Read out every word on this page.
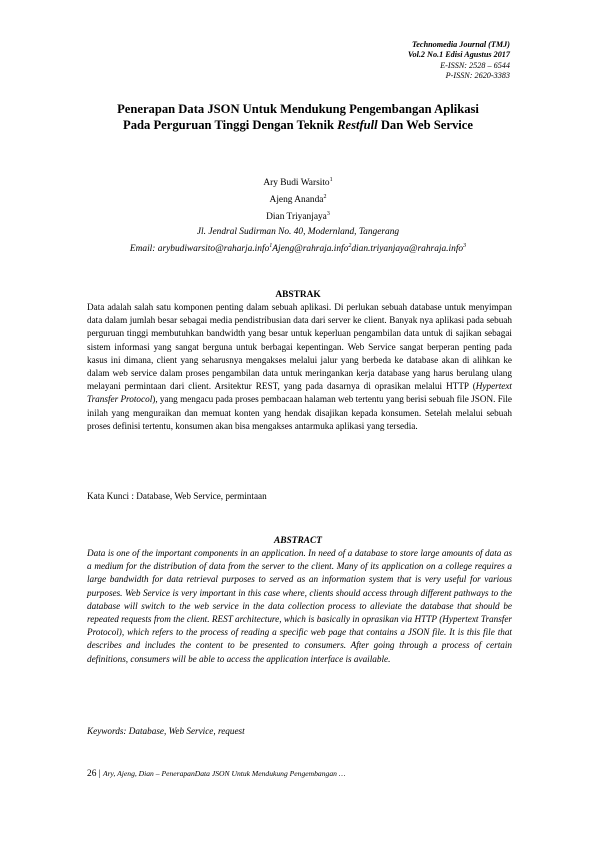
Technomedia Journal (TMJ)
Vol.2 No.1 Edisi Agustus 2017
E-ISSN: 2528 – 6544
P-ISSN: 2620-3383
Penerapan Data JSON Untuk Mendukung Pengembangan Aplikasi
Pada Perguruan Tinggi Dengan Teknik Restfull Dan Web Service
Ary Budi Warsito$^1$
Ajeng Ananda$^2$
Dian Triyanjaya$^3$
Jl. Jendral Sudirman No. 40, Modernland, Tangerang
Email: arybudiwarsito@raharja.info$^1$Ajeng@rahraja.info$^2$dian.triyanjaya@rahraja.info$^3$
ABSTRAK

Data adalah salah satu komponen penting dalam sebuah aplikasi. Di perlukan sebuah database untuk menyimpan data dalam jumlah besar sebagai media pendistribusian data dari server ke client. Banyak nya aplikasi pada sebuah perguruan tinggi membutuhkan bandwidth yang besar untuk keperluan pengambilan data untuk di sajikan sebagai sistem informasi yang sangat berguna untuk berbagai kepentingan. Web Service sangat berperan penting pada kasus ini dimana, client yang seharusnya mengakses melalui jalur yang berbeda ke database akan di alihkan ke dalam web service dalam proses pengambilan data untuk meringankan kerja database yang harus berulang ulang melayani permintaan dari client. Arsitektur REST, yang pada dasarnya di oprasikan melalui HTTP (Hypertext Transfer Protocol), yang mengacu pada proses pembacaan halaman web tertentu yang berisi sebuah file JSON. File inilah yang menguraikan dan memuat konten yang hendak disajikan kepada konsumen. Setelah melalui sebuah proses definisi tertentu, konsumen akan bisa mengakses antarmuka aplikasi yang tersedia.

Kata Kunci : Database, Web Service, permintaan
ABSTRACT

Data is one of the important components in an application. In need of a database to store large amounts of data as a medium for the distribution of data from the server to the client. Many of its application on a college requires a large bandwidth for data retrieval purposes to served as an information system that is very useful for various purposes. Web Service is very important in this case where, clients should access through different pathways to the database will switch to the web service in the data collection process to alleviate the database that should be repeated requests from the client. REST architecture, which is basically in oprasikan via HTTP (Hypertext Transfer Protocol), which refers to the process of reading a specific web page that contains a JSON file. It is this file that describes and includes the content to be presented to consumers. After going through a process of certain definitions, consumers will be able to access the application interface is available.

Keywords: Database, Web Service, request
26 | Ary, Ajeng, Dian – PenerapanData JSON Untuk Mendukung Pengembangan …
